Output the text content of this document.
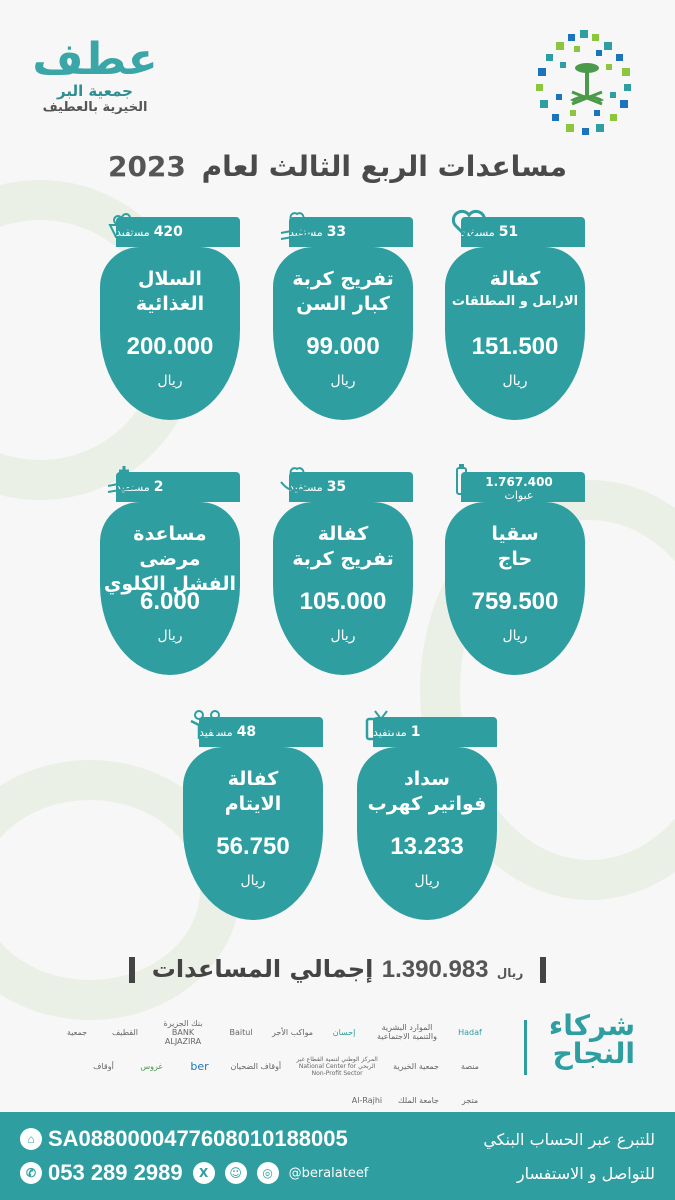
عطف
جمعية البر
الخيرية بالعطيف
مساعدات الربع الثالث لعام 2023
51
مستفيد
كفالة
الارامل و المطلقات
151.500
ريال
33
مستفيد
تفريج كربة
كبار السن
99.000
ريال
420
مستفيد
السلال
الغذائية
200.000
ريال
1.767.400
عبوات
سقيا
حاج
759.500
ريال
35
مستفيد
كفالة
تفريج كربة
105.000
ريال
2
مستفيد
مساعدة مرضى
الفشل الكلوي
6.000
ريال
1
مستفيد
سداد
فواتير كهرب
13.233
ريال
48
مستفيد
كفالة
الايتام
56.750
ريال
ريال 1.390.983 إجمالي المساعدات
شركاء
النجاح
Hadaf
الموارد البشرية والتنمية الاجتماعية
إحسان
مواكب الأجر
Baitul
بنك الجزيرة BANK ALJAZIRA
القطيف
جمعية
منصة
جمعية الخيرية
المركز الوطني لتنمية القطاع غير الربحي National Center for Non-Profit Sector
أوقاف الضحيان
ber
غروس
أوقاف
متجر
جامعة الملك
Al-Rajhi
⌂ SA0880000477608010188005	للتبرع عبر الحساب البنكي
✆ 053 289 2989	X	☺	◎	@beralateef	للتواصل و الاستفسار
